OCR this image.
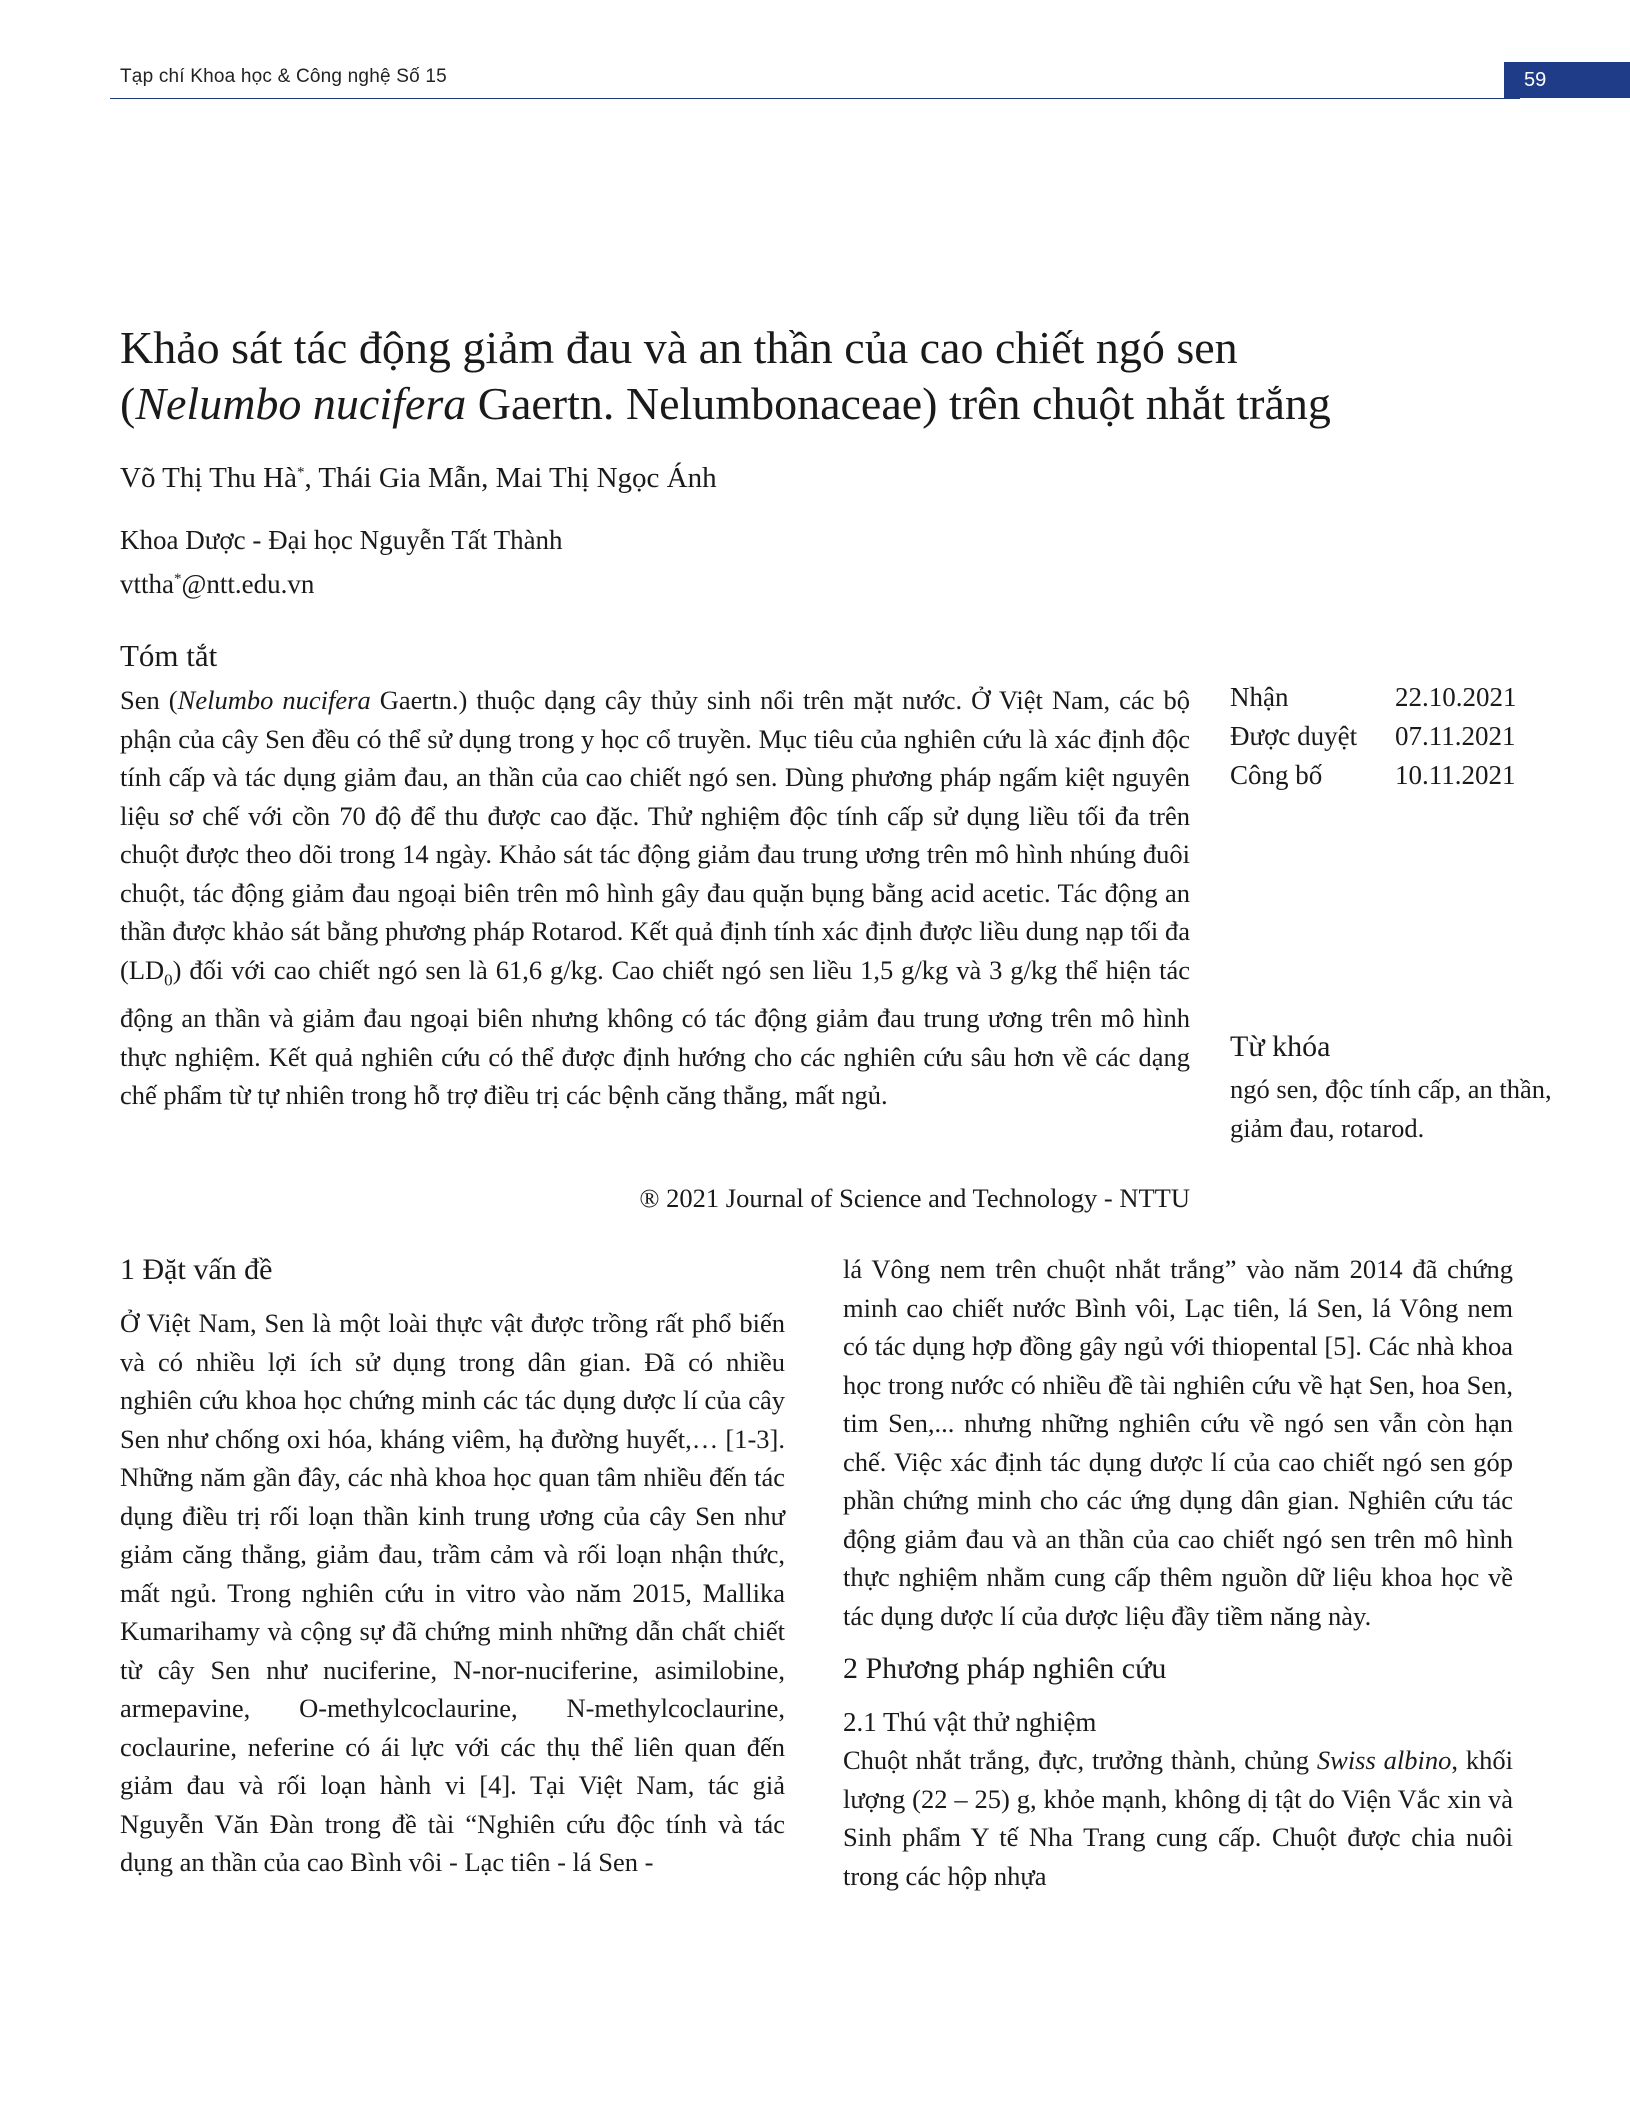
Tạp chí Khoa học & Công nghệ Số 15	59
Khảo sát tác động giảm đau và an thần của cao chiết ngó sen
(Nelumbo nucifera Gaertn. Nelumbonaceae) trên chuột nhắt trắng
Võ Thị Thu Hà*, Thái Gia Mẫn, Mai Thị Ngọc Ánh
Khoa Dược - Đại học Nguyễn Tất Thành
vttha*@ntt.edu.vn
Tóm tắt
Sen (Nelumbo nucifera Gaertn.) thuộc dạng cây thủy sinh nổi trên mặt nước. Ở Việt Nam, các bộ phận của cây Sen đều có thể sử dụng trong y học cổ truyền. Mục tiêu của nghiên cứu là xác định độc tính cấp và tác dụng giảm đau, an thần của cao chiết ngó sen. Dùng phương pháp ngấm kiệt nguyên liệu sơ chế với cồn 70 độ để thu được cao đặc. Thử nghiệm độc tính cấp sử dụng liều tối đa trên chuột được theo dõi trong 14 ngày. Khảo sát tác động giảm đau trung ương trên mô hình nhúng đuôi chuột, tác động giảm đau ngoại biên trên mô hình gây đau quặn bụng bằng acid acetic. Tác động an thần được khảo sát bằng phương pháp Rotarod. Kết quả định tính xác định được liều dung nạp tối đa $(LD_0)$ đối với cao chiết ngó sen là 61,6 g/kg. Cao chiết ngó sen liều 1,5 g/kg và 3 g/kg thể hiện tác động an thần và giảm đau ngoại biên nhưng không có tác động giảm đau trung ương trên mô hình thực nghiệm. Kết quả nghiên cứu có thể được định hướng cho các nghiên cứu sâu hơn về các dạng chế phẩm từ tự nhiên trong hỗ trợ điều trị các bệnh căng thẳng, mất ngủ.
® 2021 Journal of Science and Technology - NTTU
Nhận	22.10.2021
Được duyệt	07.11.2021
Công bố	10.11.2021
Từ khóa
ngó sen, độc tính cấp, an thần, giảm đau, rotarod.
1 Đặt vấn đề

Ở Việt Nam, Sen là một loài thực vật được trồng rất phổ biến và có nhiều lợi ích sử dụng trong dân gian. Đã có nhiều nghiên cứu khoa học chứng minh các tác dụng dược lí của cây Sen như chống oxi hóa, kháng viêm, hạ đường huyết,… [1-3]. Những năm gần đây, các nhà khoa học quan tâm nhiều đến tác dụng điều trị rối loạn thần kinh trung ương của cây Sen như giảm căng thẳng, giảm đau, trầm cảm và rối loạn nhận thức, mất ngủ. Trong nghiên cứu in vitro vào năm 2015, Mallika Kumarihamy và cộng sự đã chứng minh những dẫn chất chiết từ cây Sen như nuciferine, N-nor-nuciferine, asimilobine, armepavine, O-methylcoclaurine, N-methylcoclaurine, coclaurine, neferine có ái lực với các thụ thể liên quan đến giảm đau và rối loạn hành vi [4]. Tại Việt Nam, tác giả Nguyễn Văn Đàn trong đề tài “Nghiên cứu độc tính và tác dụng an thần của cao Bình vôi - Lạc tiên - lá Sen -

lá Vông nem trên chuột nhắt trắng” vào năm 2014 đã chứng minh cao chiết nước Bình vôi, Lạc tiên, lá Sen, lá Vông nem có tác dụng hợp đồng gây ngủ với thiopental [5]. Các nhà khoa học trong nước có nhiều đề tài nghiên cứu về hạt Sen, hoa Sen, tim Sen,... nhưng những nghiên cứu về ngó sen vẫn còn hạn chế. Việc xác định tác dụng dược lí của cao chiết ngó sen góp phần chứng minh cho các ứng dụng dân gian. Nghiên cứu tác động giảm đau và an thần của cao chiết ngó sen trên mô hình thực nghiệm nhằm cung cấp thêm nguồn dữ liệu khoa học về tác dụng dược lí của dược liệu đầy tiềm năng này.

2 Phương pháp nghiên cứu
2.1 Thú vật thử nghiệm

Chuột nhắt trắng, đực, trưởng thành, chủng Swiss albino, khối lượng (22 – 25) g, khỏe mạnh, không dị tật do Viện Vắc xin và Sinh phẩm Y tế Nha Trang cung cấp. Chuột được chia nuôi trong các hộp nhựa
